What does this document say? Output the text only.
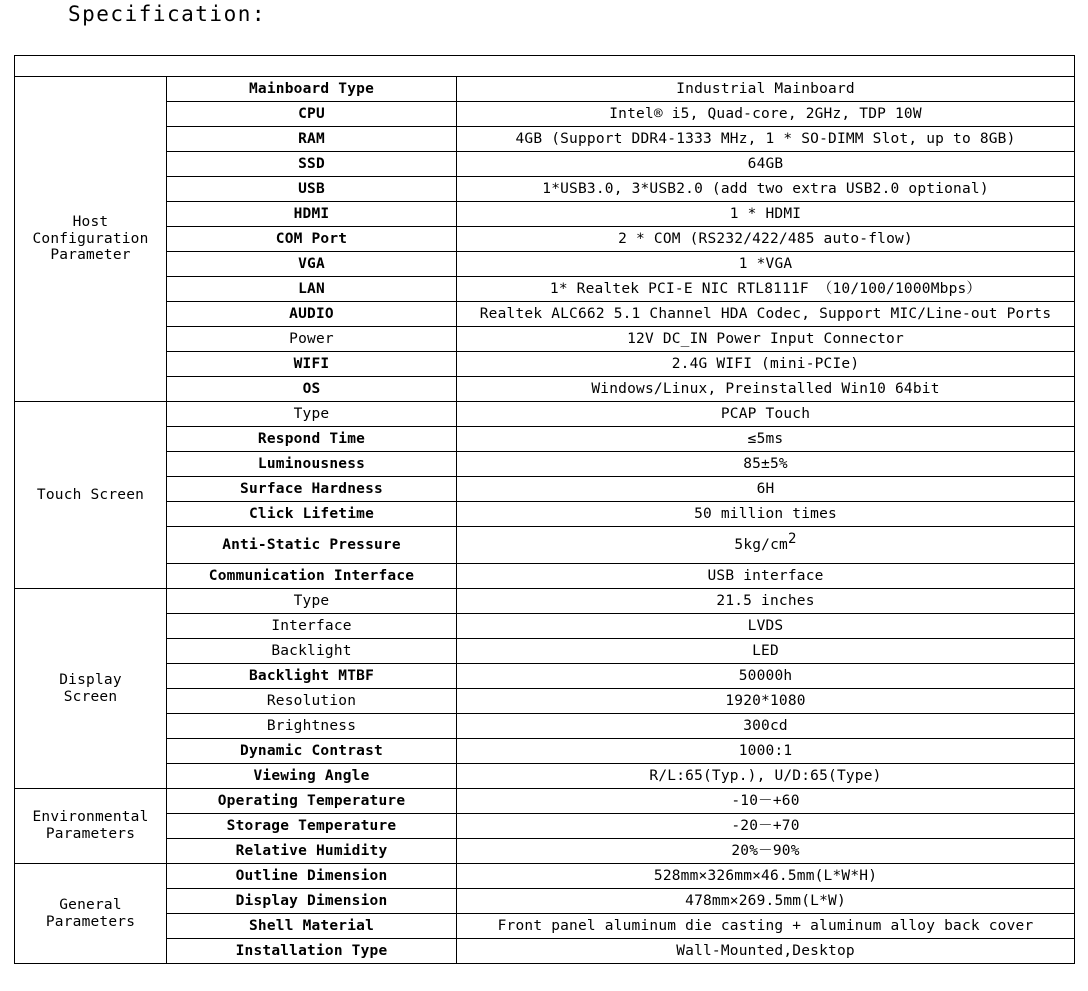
Specification:

Host
Configuration
Parameter	Mainboard Type	Industrial Mainboard
	CPU	Intel® i5, Quad-core, 2GHz, TDP 10W
	RAM	4GB (Support DDR4-1333 MHz, 1 * SO-DIMM Slot, up to 8GB)
	SSD	64GB
	USB	1*USB3.0, 3*USB2.0 (add two extra USB2.0 optional)
	HDMI	1 * HDMI
	COM Port	2 * COM (RS232/422/485 auto-flow)
	VGA	1 *VGA
	LAN	1* Realtek PCI-E NIC RTL8111F （10/100/1000Mbps）
	AUDIO	Realtek ALC662 5.1 Channel HDA Codec, Support MIC/Line-out Ports
	Power	12V DC_IN Power Input Connector
	WIFI	2.4G WIFI (mini-PCIe)
	OS	Windows/Linux, Preinstalled Win10 64bit
Touch Screen	Type	PCAP Touch
	Respond Time	≤5ms
	Luminousness	85±5%
	Surface Hardness	6H
	Click Lifetime	50 million times
	Anti-Static Pressure	$5kg/cm^2$
	Communication Interface	USB interface
Display
Screen	Type	21.5 inches
	Interface	LVDS
	Backlight	LED
	Backlight MTBF	50000h
	Resolution	1920*1080
	Brightness	300cd
	Dynamic Contrast	1000:1
	Viewing Angle	R/L:65(Typ.), U/D:65(Type)
Environmental
Parameters	Operating Temperature	-10－+60
	Storage Temperature	-20－+70
	Relative Humidity	20%－90%
General
Parameters	Outline Dimension	528mm×326mm×46.5mm(L*W*H)
	Display Dimension	478mm×269.5mm(L*W)
	Shell Material	Front panel aluminum die casting + aluminum alloy back cover
	Installation Type	Wall-Mounted,Desktop
